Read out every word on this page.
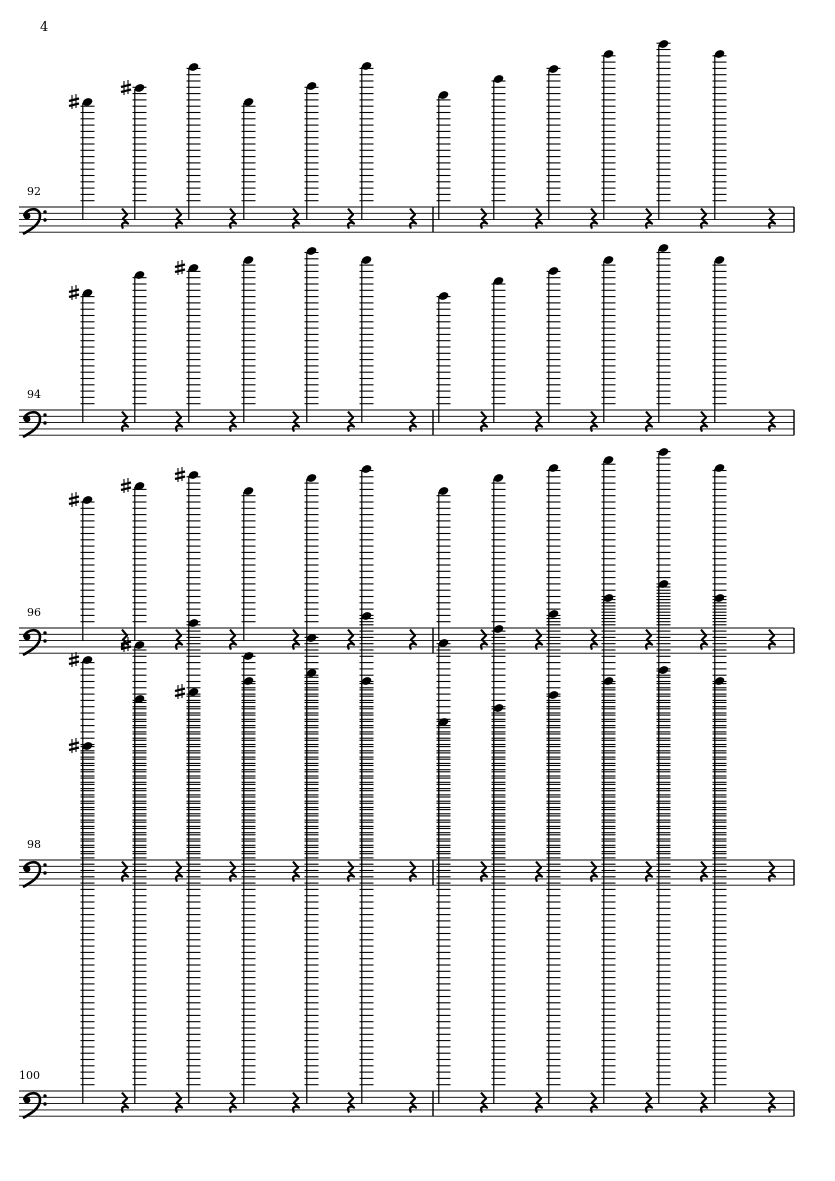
4
92
94
96
98
100
